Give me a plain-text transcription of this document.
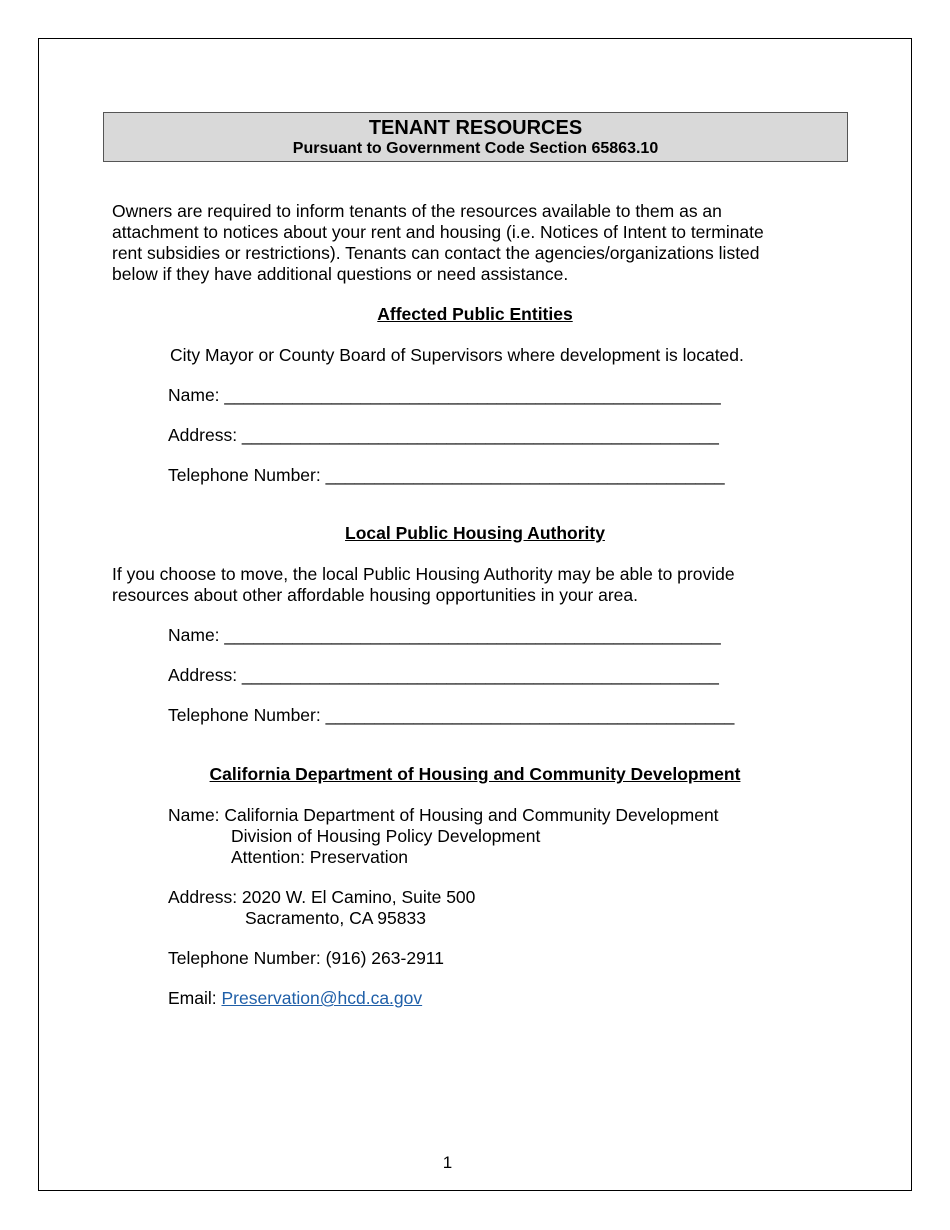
TENANT RESOURCES
Pursuant to Government Code Section 65863.10
Owners are required to inform tenants of the resources available to them as an
attachment to notices about your rent and housing (i.e. Notices of Intent to terminate
rent subsidies or restrictions). Tenants can contact the agencies/organizations listed
below if they have additional questions or need assistance.
Affected Public Entities
City Mayor or County Board of Supervisors where development is located.
Name: ___________________________________________________
Address: _________________________________________________
Telephone Number: _________________________________________
Local Public Housing Authority
If you choose to move, the local Public Housing Authority may be able to provide
resources about other affordable housing opportunities in your area.
Name: ___________________________________________________
Address: _________________________________________________
Telephone Number: __________________________________________
California Department of Housing and Community Development
Name: California Department of Housing and Community Development
Division of Housing Policy Development
Attention: Preservation
Address: 2020 W. El Camino, Suite 500
Sacramento, CA 95833
Telephone Number: (916) 263-2911
Email: Preservation@hcd.ca.gov
1
